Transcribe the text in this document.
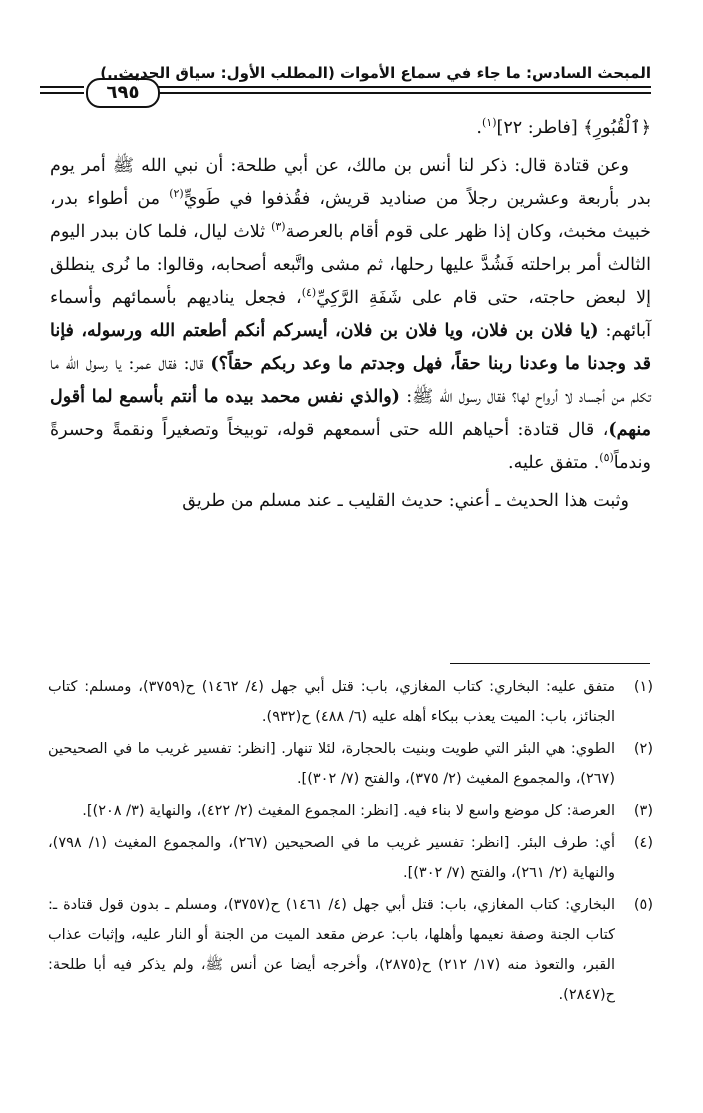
المبحث السادس: ما جاء في سماع الأموات (المطلب الأول: سياق الحديث..)
٦٩٥

﴿ٱلْقُبُورِ﴾ [فاطر: ٢٢]$^{(١)}$.

وعن قتادة قال: ذكر لنا أنس بن مالك، عن أبي طلحة: أن نبي الله ﷺ أمر يوم بدر بأربعة وعشرين رجلاً من صناديد قريش، فقُذفوا في طَويٍّ$^{(٢)}$ من أطواء بدر، خبيث مخبث، وكان إذا ظهر على قوم أقام بالعرصة$^{(٣)}$ ثلاث ليال، فلما كان ببدر اليوم الثالث أمر براحلته فَشُدَّ عليها رحلها، ثم مشى واتَّبعه أصحابه، وقالوا: ما نُرى ينطلق إلا لبعض حاجته، حتى قام على شَفَةِ الرَّكِيِّ$^{(٤)}$، فجعل يناديهم بأسمائهم وأسماء آبائهم: (يا فلان بن فلان، ويا فلان بن فلان، أيسركم أنكم أطعتم الله ورسوله، فإنا قد وجدنا ما وعدنا ربنا حقاً، فهل وجدتم ما وعد ربكم حقاً؟) قال: فقال عمر: يا رسول الله ما تكلم من أجساد لا أرواح لها؟ فقال رسول الله ﷺ: (والذي نفس محمد بيده ما أنتم بأسمع لما أقول منهم)، قال قتادة: أحياهم الله حتى أسمعهم قوله، توبيخاً وتصغيراً ونقمةً وحسرةً وندماً$^{(٥)}$. متفق عليه.

وثبت هذا الحديث ـ أعني: حديث القليب ـ عند مسلم من طريق

(١)
متفق عليه: البخاري: كتاب المغازي، باب: قتل أبي جهل (٤/ ١٤٦٢) ح(٣٧٥٩)، ومسلم: كتاب الجنائز، باب: الميت يعذب ببكاء أهله عليه (٦/ ٤٨٨) ح(٩٣٢).
(٢)
الطوي: هي البئر التي طويت وبنيت بالحجارة، لئلا تنهار. [انظر: تفسير غريب ما في الصحيحين (٢٦٧)، والمجموع المغيث (٢/ ٣٧٥)، والفتح (٧/ ٣٠٢)].
(٣)
العرصة: كل موضع واسع لا بناء فيه. [انظر: المجموع المغيث (٢/ ٤٢٢)، والنهاية (٣/ ٢٠٨)].
(٤)
أي: طرف البئر. [انظر: تفسير غريب ما في الصحيحين (٢٦٧)، والمجموع المغيث (١/ ٧٩٨)، والنهاية (٢/ ٢٦١)، والفتح (٧/ ٣٠٢)].
(٥)
البخاري: كتاب المغازي، باب: قتل أبي جهل (٤/ ١٤٦١) ح(٣٧٥٧)، ومسلم ـ بدون قول قتادة ـ: كتاب الجنة وصفة نعيمها وأهلها، باب: عرض مقعد الميت من الجنة أو النار عليه، وإثبات عذاب القبر، والتعوذ منه (١٧/ ٢١٢) ح(٢٨٧٥)، وأخرجه أيضا عن أنس ﷺ، ولم يذكر فيه أبا طلحة: ح(٢٨٤٧).
